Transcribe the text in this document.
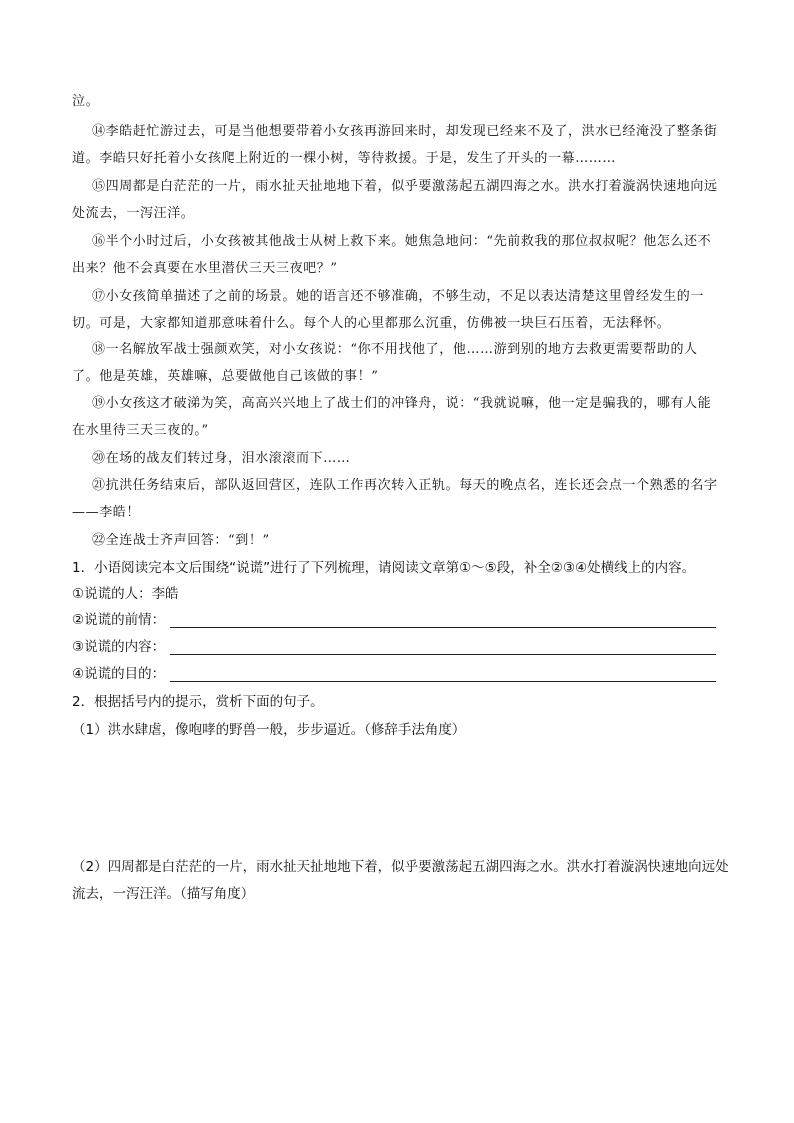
泣。
⑭李皓赶忙游过去，可是当他想要带着小女孩再游回来时，却发现已经来不及了，洪水已经淹没了整条街道。李皓只好托着小女孩爬上附近的一棵小树，等待救援。于是，发生了开头的一幕………
⑮四周都是白茫茫的一片，雨水扯天扯地地下着，似乎要激荡起五湖四海之水。洪水打着漩涡快速地向远处流去，一泻汪洋。
⑯半个小时过后，小女孩被其他战士从树上救下来。她焦急地问：“先前救我的那位叔叔呢？他怎么还不出来？他不会真要在水里潜伏三天三夜吧？”
⑰小女孩简单描述了之前的场景。她的语言还不够准确，不够生动，不足以表达清楚这里曾经发生的一切。可是，大家都知道那意味着什么。每个人的心里都那么沉重，仿佛被一块巨石压着，无法释怀。
⑱一名解放军战士强颜欢笑，对小女孩说：“你不用找他了，他……游到别的地方去救更需要帮助的人了。他是英雄，英雄嘛，总要做他自己该做的事！”
⑲小女孩这才破涕为笑，高高兴兴地上了战士们的冲锋舟，说：“我就说嘛，他一定是骗我的，哪有人能在水里待三天三夜的。”
⑳在场的战友们转过身，泪水滚滚而下……
㉑抗洪任务结束后，部队返回营区，连队工作再次转入正轨。每天的晚点名，连长还会点一个熟悉的名字——李皓！
㉒全连战士齐声回答：“到！”
1．小语阅读完本文后围绕“说谎”进行了下列梳理，请阅读文章第①～⑤段，补全②③④处横线上的内容。
①说谎的人：李皓
②说谎的前情：
③说谎的内容：
④说谎的目的：
2．根据括号内的提示，赏析下面的句子。
（1）洪水肆虐，像咆哮的野兽一般，步步逼近。（修辞手法角度）
（2）四周都是白茫茫的一片，雨水扯天扯地地下着，似乎要激荡起五湖四海之水。洪水打着漩涡快速地向远处流去，一泻汪洋。（描写角度）
